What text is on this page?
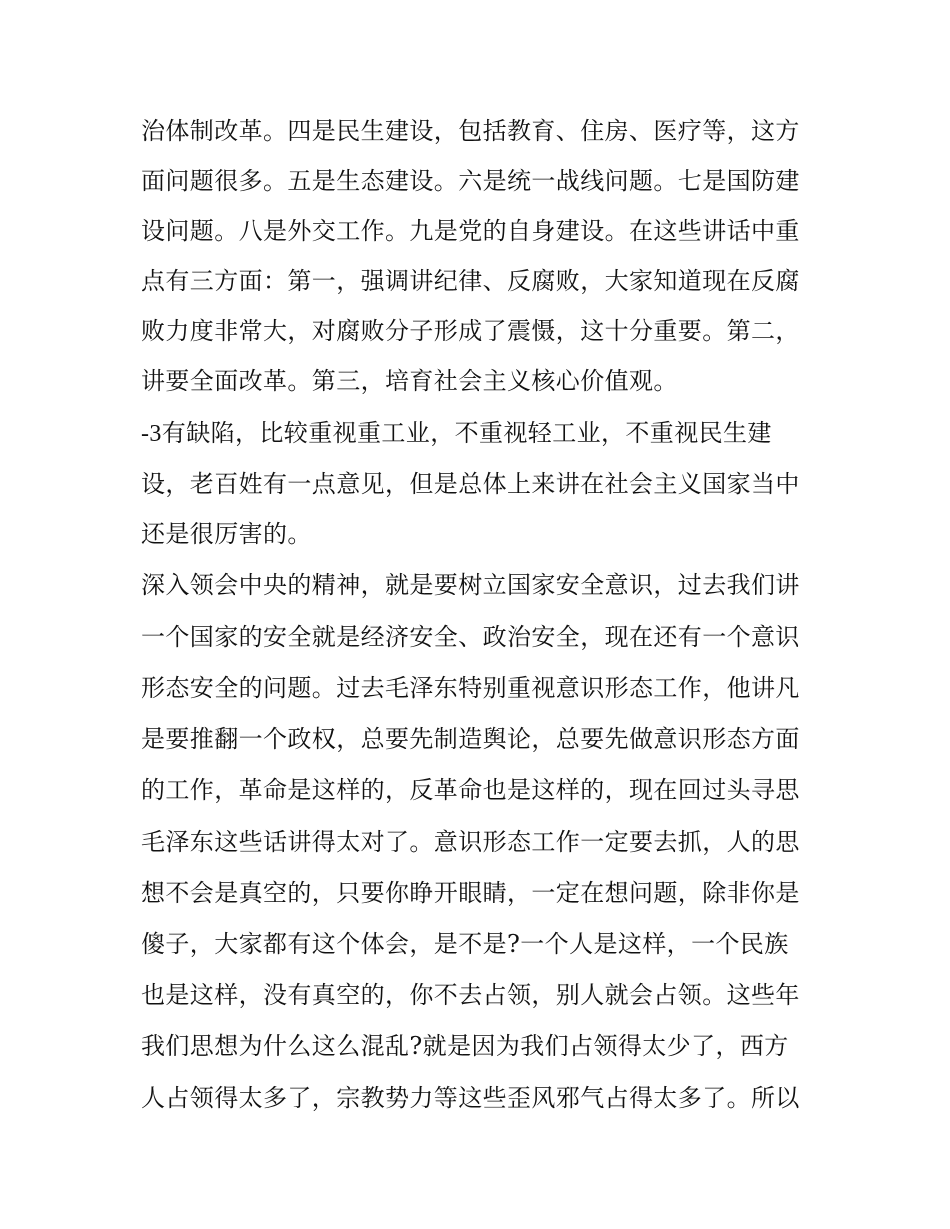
治体制改革。四是民生建设，包括教育、住房、医疗等，这方
面问题很多。五是生态建设。六是统一战线问题。七是国防建
设问题。八是外交工作。九是党的自身建设。在这些讲话中重
点有三方面：第一，强调讲纪律、反腐败，大家知道现在反腐
败力度非常大，对腐败分子形成了震慑，这十分重要。第二，
讲要全面改革。第三，培育社会主义核心价值观。
-3有缺陷，比较重视重工业，不重视轻工业，不重视民生建
设，老百姓有一点意见，但是总体上来讲在社会主义国家当中
还是很厉害的。
深入领会中央的精神，就是要树立国家安全意识，过去我们讲
一个国家的安全就是经济安全、政治安全，现在还有一个意识
形态安全的问题。过去毛泽东特别重视意识形态工作，他讲凡
是要推翻一个政权，总要先制造舆论，总要先做意识形态方面
的工作，革命是这样的，反革命也是这样的，现在回过头寻思
毛泽东这些话讲得太对了。意识形态工作一定要去抓，人的思
想不会是真空的，只要你睁开眼睛，一定在想问题，除非你是
傻子，大家都有这个体会，是不是?一个人是这样，一个民族
也是这样，没有真空的，你不去占领，别人就会占领。这些年
我们思想为什么这么混乱?就是因为我们占领得太少了，西方
人占领得太多了，宗教势力等这些歪风邪气占得太多了。所以
